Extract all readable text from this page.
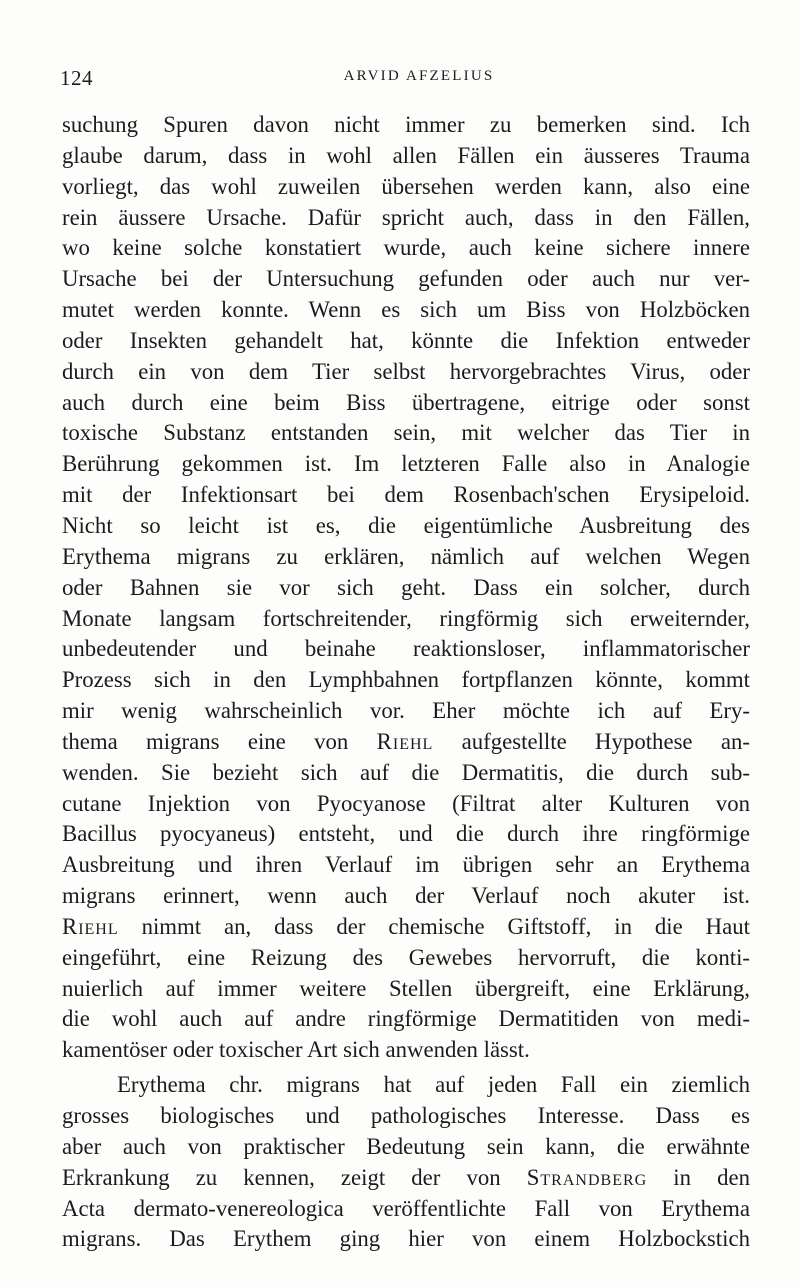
124	ARVID AFZELIUS
suchung Spuren davon nicht immer zu bemerken sind. Ich
glaube darum, dass in wohl allen Fällen ein äusseres Trauma
vorliegt, das wohl zuweilen übersehen werden kann, also eine
rein äussere Ursache. Dafür spricht auch, dass in den Fällen,
wo keine solche konstatiert wurde, auch keine sichere innere
Ursache bei der Untersuchung gefunden oder auch nur ver-
mutet werden konnte. Wenn es sich um Biss von Holzböcken
oder Insekten gehandelt hat, könnte die Infektion entweder
durch ein von dem Tier selbst hervorgebrachtes Virus, oder
auch durch eine beim Biss übertragene, eitrige oder sonst
toxische Substanz entstanden sein, mit welcher das Tier in
Berührung gekommen ist. Im letzteren Falle also in Analogie
mit der Infektionsart bei dem Rosenbach'schen Erysipeloid.
Nicht so leicht ist es, die eigentümliche Ausbreitung des
Erythema migrans zu erklären, nämlich auf welchen Wegen
oder Bahnen sie vor sich geht. Dass ein solcher, durch
Monate langsam fortschreitender, ringförmig sich erweiternder,
unbedeutender und beinahe reaktionsloser, inflammatorischer
Prozess sich in den Lymphbahnen fortpflanzen könnte, kommt
mir wenig wahrscheinlich vor. Eher möchte ich auf Ery-
thema migrans eine von Riehl aufgestellte Hypothese an-
wenden. Sie bezieht sich auf die Dermatitis, die durch sub-
cutane Injektion von Pyocyanose (Filtrat alter Kulturen von
Bacillus pyocyaneus) entsteht, und die durch ihre ringförmige
Ausbreitung und ihren Verlauf im übrigen sehr an Erythema
migrans erinnert, wenn auch der Verlauf noch akuter ist.
Riehl nimmt an, dass der chemische Giftstoff, in die Haut
eingeführt, eine Reizung des Gewebes hervorruft, die konti-
nuierlich auf immer weitere Stellen übergreift, eine Erklärung,
die wohl auch auf andre ringförmige Dermatitiden von medi-
kamentöser oder toxischer Art sich anwenden lässt.
Erythema chr. migrans hat auf jeden Fall ein ziemlich
grosses biologisches und pathologisches Interesse. Dass es
aber auch von praktischer Bedeutung sein kann, die erwähnte
Erkrankung zu kennen, zeigt der von Strandberg in den
Acta dermato-venereologica veröffentlichte Fall von Erythema
migrans. Das Erythem ging hier von einem Holzbockstich
